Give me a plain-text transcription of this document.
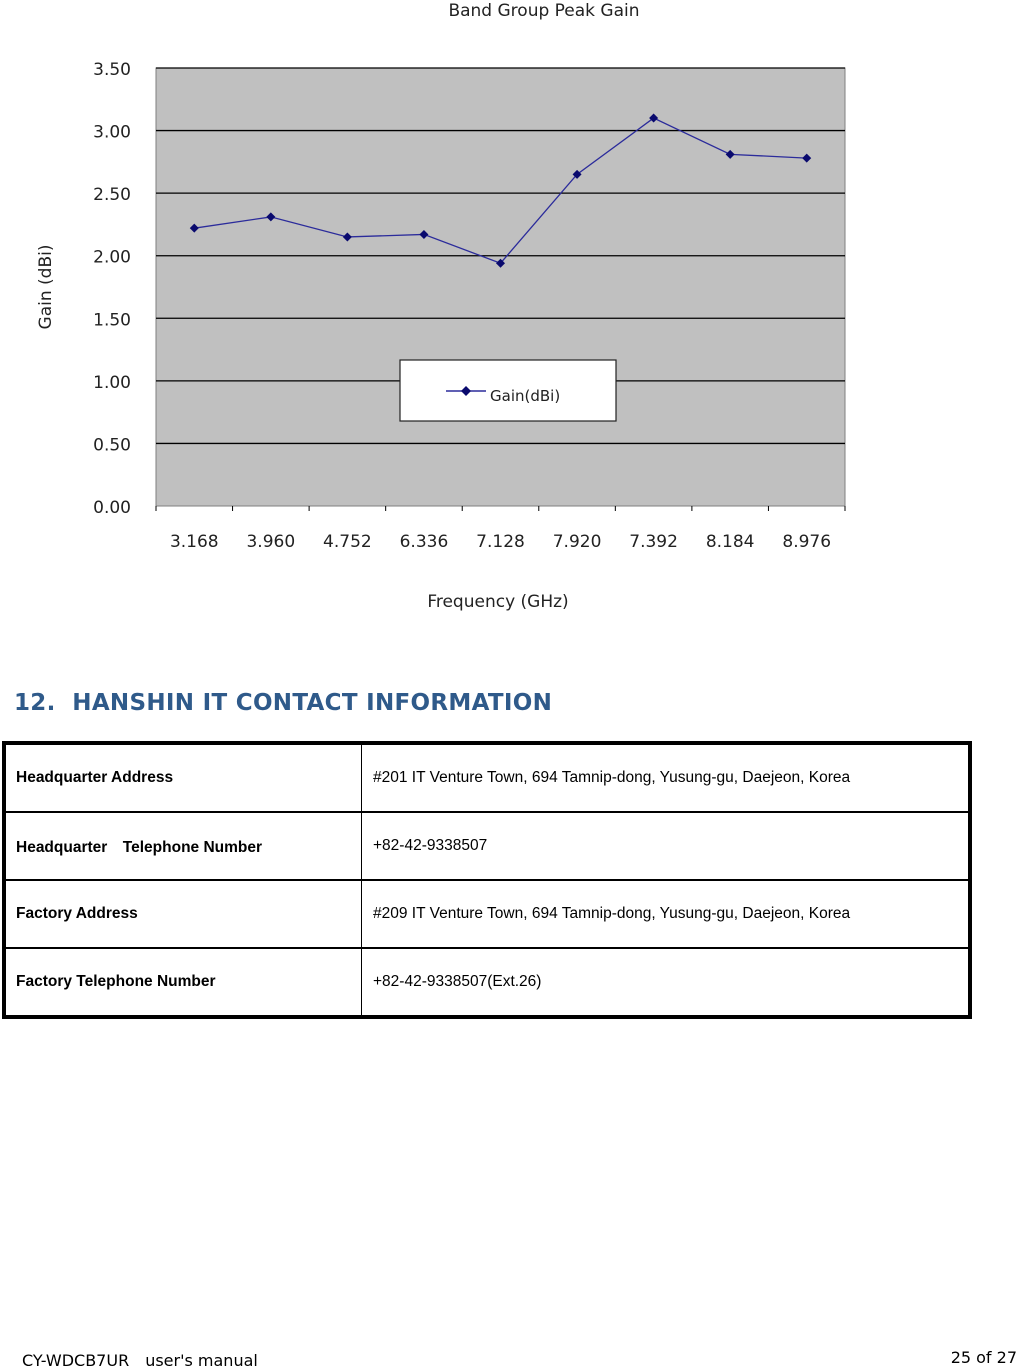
Band Group Peak Gain
0.00
0.50
1.00
1.50
2.00
2.50
3.00
3.50
3.168 3.960 4.752 6.336 7.128 7.920 7.392 8.184 8.976
Gain (dBi)
Frequency (GHz)
Gain(dBi)
12. HANSHIN IT CONTACT INFORMATION
Headquarter Address	#201 IT Venture Town, 694 Tamnip-dong, Yusung-gu, Daejeon, Korea
Headquarter　Telephone Number	+82-42-9338507
Factory Address	#209 IT Venture Town, 694 Tamnip-dong, Yusung-gu, Daejeon, Korea
Factory Telephone Number	+82-42-9338507(Ext.26)
CY-WDCB7UR　user's manual	25 of 27
